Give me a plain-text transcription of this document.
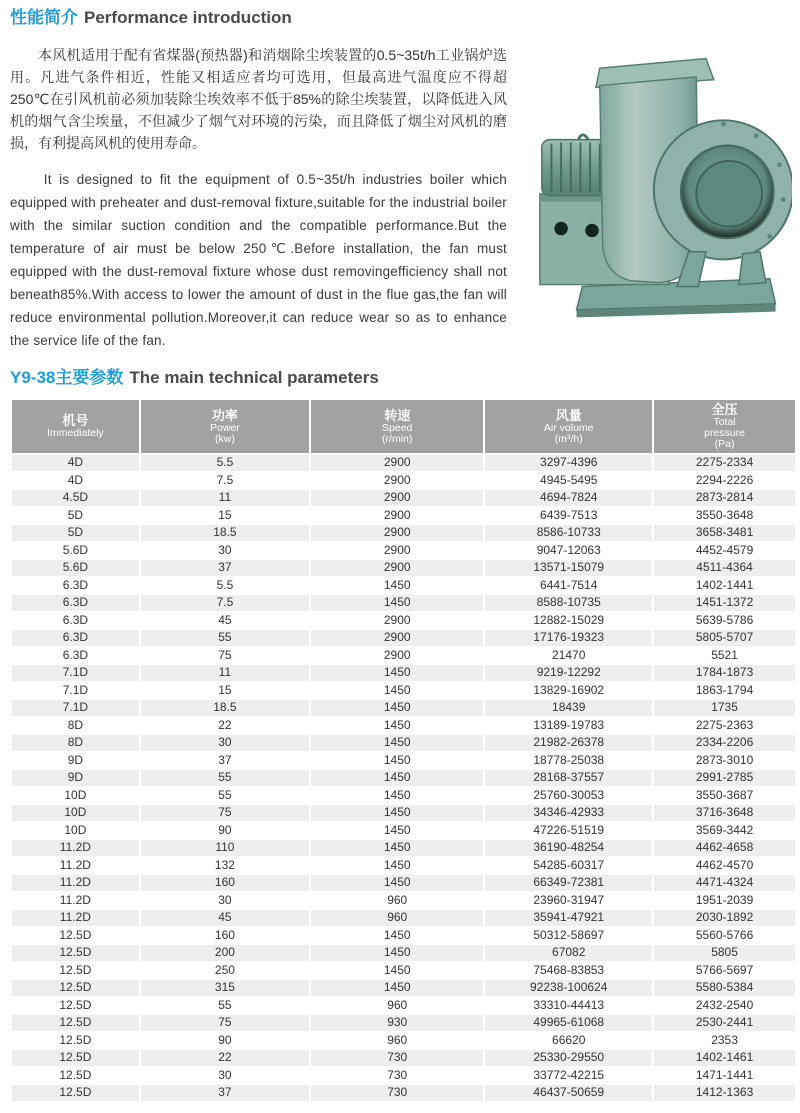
性能简介 Performance introduction

本风机适用于配有省煤器(预热器)和消烟除尘埃装置的0.5~35t/h工业锅炉选用。凡进气条件相近，性能又相适应者均可选用，但最高进气温度应不得超250℃在引风机前必须加装除尘埃效率不低于85%的除尘埃装置，以降低进入风机的烟气含尘埃量，不但减少了烟气对环境的污染，而且降低了烟尘对风机的磨损，有利提高风机的使用寿命。

It is designed to fit the equipment of 0.5~35t/h industries boiler which equipped with preheater and dust-removal fixture,suitable for the industrial boiler with the similar suction condition and the compatible performance.But the temperature of air must be below 250℃.Before installation, the fan must equipped with the dust-removal fixture whose dust removingefficiency shall not beneath85%.With access to lower the amount of dust in the flue gas,the fan will reduce environmental pollution.Moreover,it can reduce wear so as to enhance the service life of the fan.

Y9-38主要参数 The main technical parameters
机号
Immediately

功率
Power
(kw)

转速
Speed
(r/min)

风量
Air volume
(m³/h)

全压
Total
pressure
(Pa)

4D	5.5	2900	3297-4396	2275-2334
4D	7.5	2900	4945-5495	2294-2226
4.5D	11	2900	4694-7824	2873-2814
5D	15	2900	6439-7513	3550-3648
5D	18.5	2900	8586-10733	3658-3481
5.6D	30	2900	9047-12063	4452-4579
5.6D	37	2900	13571-15079	4511-4364
6.3D	5.5	1450	6441-7514	1402-1441
6.3D	7.5	1450	8588-10735	1451-1372
6.3D	45	2900	12882-15029	5639-5786
6.3D	55	2900	17176-19323	5805-5707
6.3D	75	2900	21470	5521
7.1D	11	1450	9219-12292	1784-1873
7.1D	15	1450	13829-16902	1863-1794
7.1D	18.5	1450	18439	1735
8D	22	1450	13189-19783	2275-2363
8D	30	1450	21982-26378	2334-2206
9D	37	1450	18778-25038	2873-3010
9D	55	1450	28168-37557	2991-2785
10D	55	1450	25760-30053	3550-3687
10D	75	1450	34346-42933	3716-3648
10D	90	1450	47226-51519	3569-3442
11.2D	110	1450	36190-48254	4462-4658
11.2D	132	1450	54285-60317	4462-4570
11.2D	160	1450	66349-72381	4471-4324
11.2D	30	960	23960-31947	1951-2039
11.2D	45	960	35941-47921	2030-1892
12.5D	160	1450	50312-58697	5560-5766
12.5D	200	1450	67082	5805
12.5D	250	1450	75468-83853	5766-5697
12.5D	315	1450	92238-100624	5580-5384
12.5D	55	960	33310-44413	2432-2540
12.5D	75	930	49965-61068	2530-2441
12.5D	90	960	66620	2353
12.5D	22	730	25330-29550	1402-1461
12.5D	30	730	33772-42215	1471-1441
12.5D	37	730	46437-50659	1412-1363
